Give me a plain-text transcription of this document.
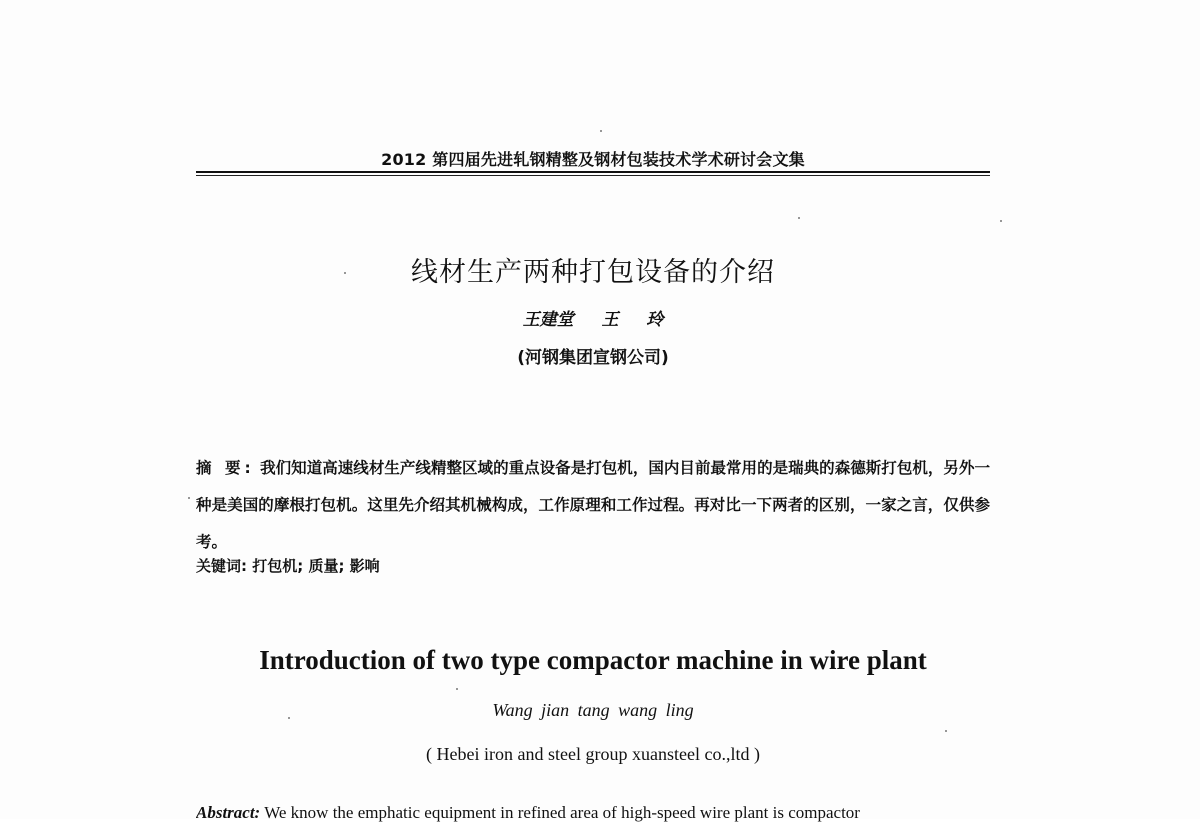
2012 第四届先进轧钢精整及钢材包装技术学术研讨会文集
线材生产两种打包设备的介绍
王建堂 王 玲
(河钢集团宣钢公司)
摘 要: 我们知道高速线材生产线精整区域的重点设备是打包机，国内目前最常用的是瑞典的森德斯打包机，另外一种是美国的摩根打包机。这里先介绍其机械构成，工作原理和工作过程。再对比一下两者的区别，一家之言，仅供参考。
关键词: 打包机; 质量; 影响
Introduction of two type compactor machine in wire plant
Wang jian tang wang ling
( Hebei iron and steel group xuansteel co.,ltd )
Abstract: We know the emphatic equipment in refined area of high-speed wire plant is compactor
